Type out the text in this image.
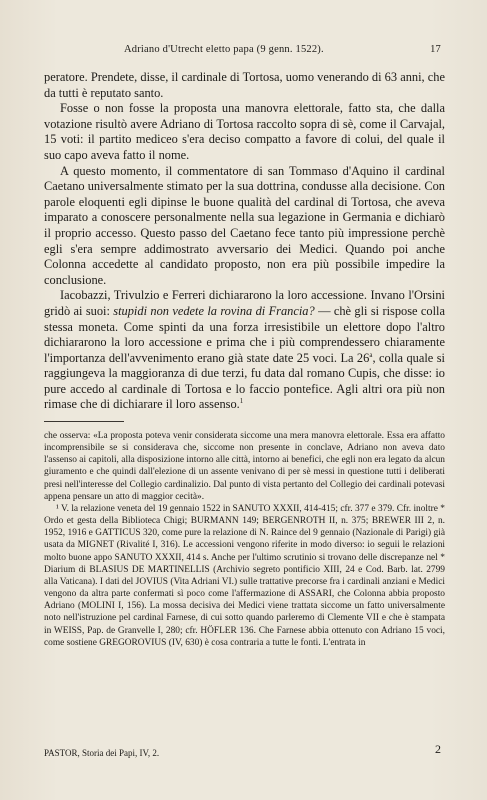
Adriano d'Utrecht eletto papa (9 genn. 1522).	17

peratore. Prendete, disse, il cardinale di Tortosa, uomo venerando di 63 anni, che da tutti è reputato santo.

Fosse o non fosse la proposta una manovra elettorale, fatto sta, che dalla votazione risultò avere Adriano di Tortosa raccolto sopra di sè, come il Carvajal, 15 voti: il partito mediceo s'era deciso compatto a favore di colui, del quale il suo capo aveva fatto il nome.

A questo momento, il commentatore di san Tommaso d'Aquino il cardinal Caetano universalmente stimato per la sua dottrina, condusse alla decisione. Con parole eloquenti egli dipinse le buone qualità del cardinal di Tortosa, che aveva imparato a conoscere personalmente nella sua legazione in Germania e dichiarò il proprio accesso. Questo passo del Caetano fece tanto più impressione perchè egli s'era sempre addimostrato avversario dei Medici. Quando poi anche Colonna accedette al candidato proposto, non era più possibile impedire la conclusione.

Iacobazzi, Trivulzio e Ferreri dichiararono la loro accessione. Invano l'Orsini gridò ai suoi: stupidi non vedete la rovina di Francia? — chè gli si rispose colla stessa moneta. Come spinti da una forza irresistibile un elettore dopo l'altro dichiararono la loro accessione e prima che i più comprendessero chiaramente l'importanza dell'avvenimento erano già state date 25 voci. La 26$^a$, colla quale si raggiungeva la maggioranza di due terzi, fu data dal romano Cupis, che disse: io pure accedo al cardinale di Tortosa e lo faccio pontefice. Agli altri ora più non rimase che di dichiarare il loro assenso.$^1$

che osserva: «La proposta poteva venir considerata siccome una mera manovra elettorale. Essa era affatto incomprensibile se si considerava che, siccome non presente in conclave, Adriano non aveva dato l'assenso ai capitoli, alla disposizione intorno alle città, intorno ai benefici, che egli non era legato da alcun giuramento e che quindi dall'elezione di un assente venivano di per sè messi in questione tutti i deliberati presi nell'interesse del Collegio cardinalizio. Dal punto di vista pertanto del Collegio dei cardinali potevasi appena pensare un atto di maggior cecità».

¹ V. la relazione veneta del 19 gennaio 1522 in SANUTO XXXII, 414-415; cfr. 377 e 379. Cfr. inoltre * Ordo et gesta della Biblioteca Chigi; BURMANN 149; BERGENROTH II, n. 375; BREWER III 2, n. 1952, 1916 e GATTICUS 320, come pure la relazione di N. Raince del 9 gennaio (Nazionale di Parigi) già usata da MIGNET (Rivalité I, 316). Le accessioni vengono riferite in modo diverso: io seguii le relazioni molto buone appo SANUTO XXXII, 414 s. Anche per l'ultimo scrutinio si trovano delle discrepanze nel * Diarium di BLASIUS DE MARTINELLIS (Archivio segreto pontificio XIII, 24 e Cod. Barb. lat. 2799 alla Vaticana). I dati del JOVIUS (Vita Adriani VI.) sulle trattative precorse fra i cardinali anziani e Medici vengono da altra parte confermati sì poco come l'affermazione di ASSARI, che Colonna abbia proposto Adriano (MOLINI I, 156). La mossa decisiva dei Medici viene trattata siccome un fatto universalmente noto nell'istruzione pel cardinal Farnese, di cui sotto quando parleremo di Clemente VII e che è stampata in WEISS, Pap. de Granvelle I, 280; cfr. HÖFLER 136. Che Farnese abbia ottenuto con Adriano 15 voci, come sostiene GREGOROVIUS (IV, 630) è cosa contraria a tutte le fonti. L'entrata in

PASTOR, Storia dei Papi, IV, 2.	2
